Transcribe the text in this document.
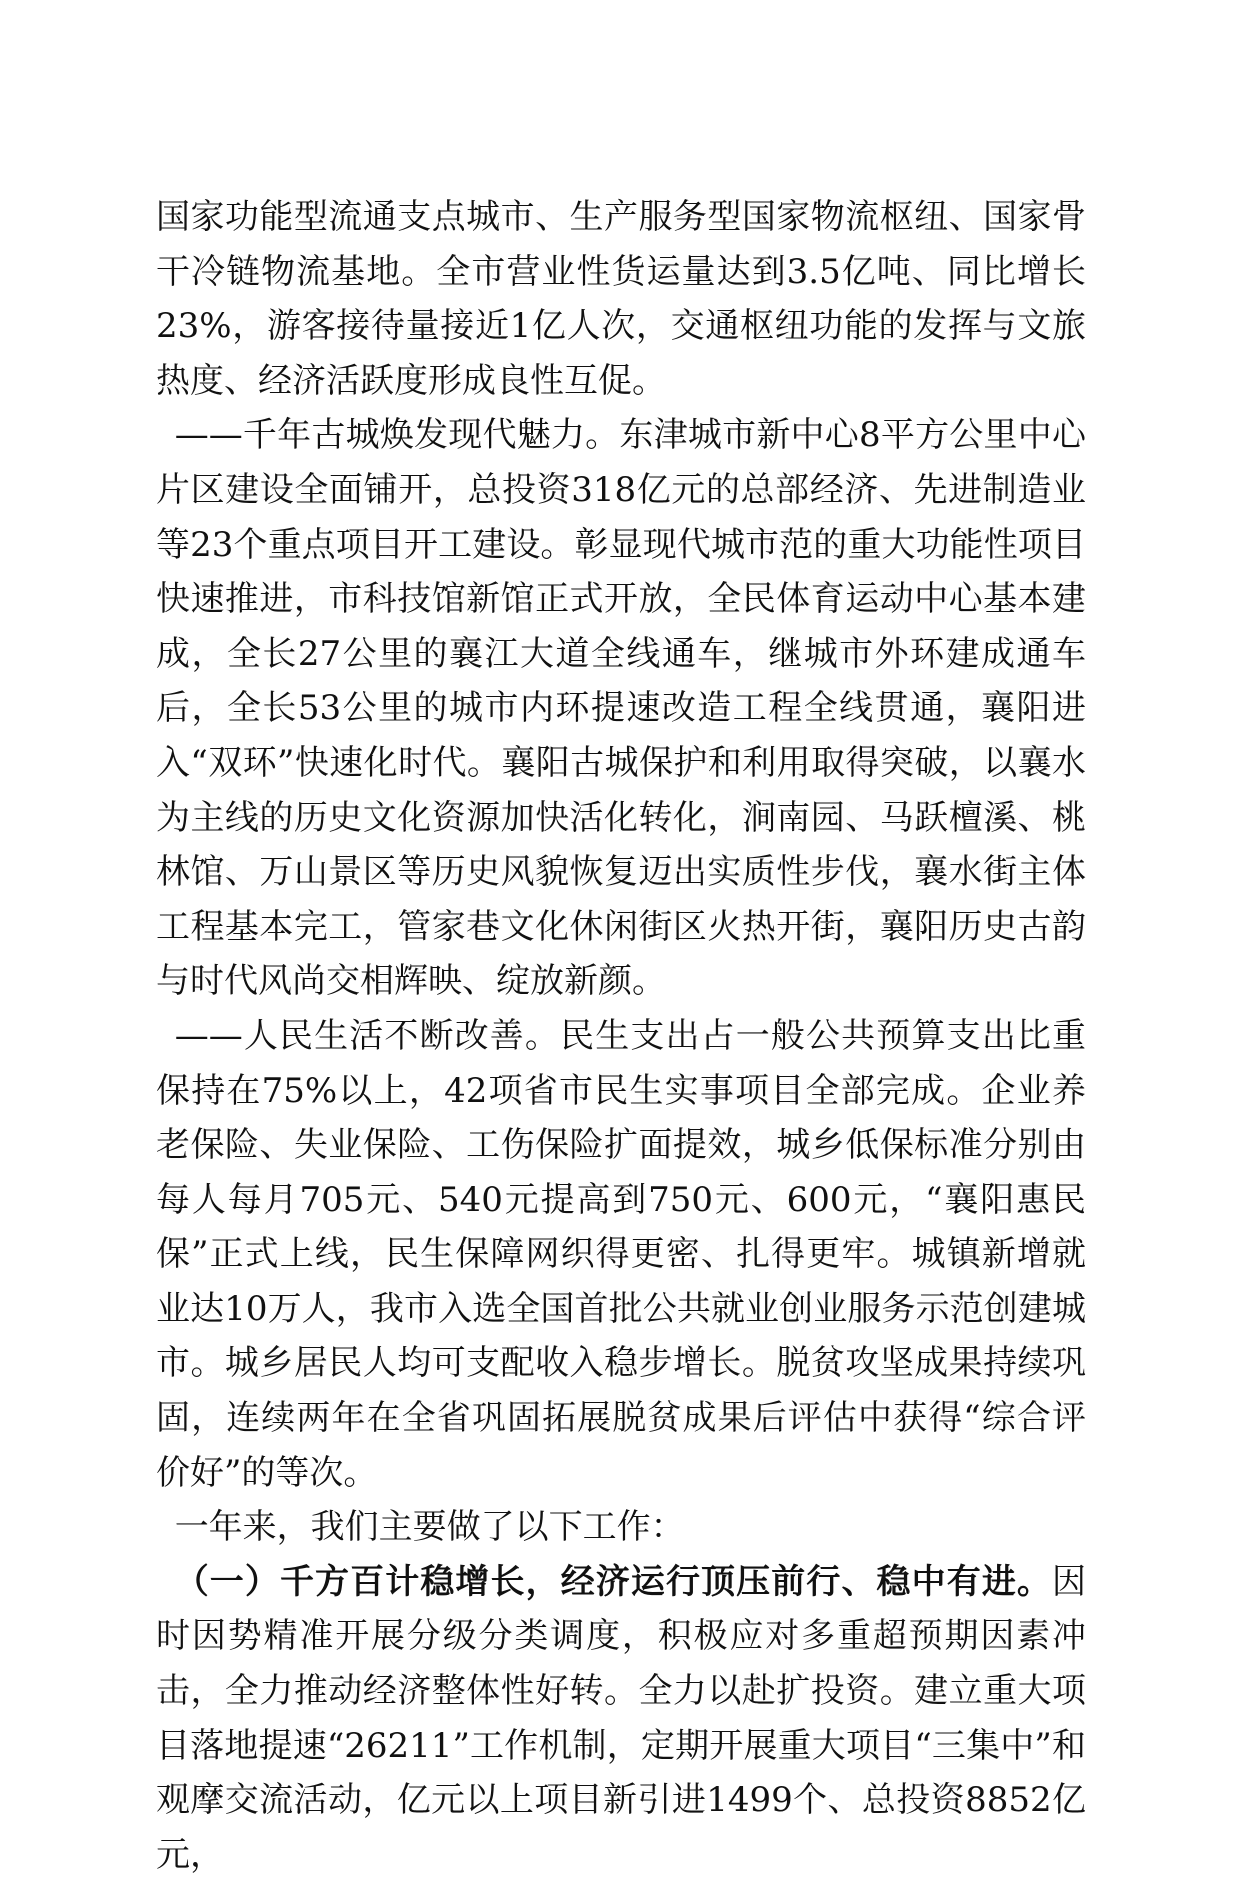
国家功能型流通支点城市、生产服务型国家物流枢纽、国家骨干冷链物流基地。全市营业性货运量达到3.5亿吨、同比增长23%，游客接待量接近1亿人次，交通枢纽功能的发挥与文旅热度、经济活跃度形成良性互促。

——千年古城焕发现代魅力。东津城市新中心8平方公里中心片区建设全面铺开，总投资318亿元的总部经济、先进制造业等23个重点项目开工建设。彰显现代城市范的重大功能性项目快速推进，市科技馆新馆正式开放，全民体育运动中心基本建成，全长27公里的襄江大道全线通车，继城市外环建成通车后，全长53公里的城市内环提速改造工程全线贯通，襄阳进入“双环”快速化时代。襄阳古城保护和利用取得突破，以襄水为主线的历史文化资源加快活化转化，涧南园、马跃檀溪、桃林馆、万山景区等历史风貌恢复迈出实质性步伐，襄水街主体工程基本完工，管家巷文化休闲街区火热开街，襄阳历史古韵与时代风尚交相辉映、绽放新颜。

——人民生活不断改善。民生支出占一般公共预算支出比重保持在75%以上，42项省市民生实事项目全部完成。企业养老保险、失业保险、工伤保险扩面提效，城乡低保标准分别由每人每月705元、540元提高到750元、600元，“襄阳惠民保”正式上线，民生保障网织得更密、扎得更牢。城镇新增就业达10万人，我市入选全国首批公共就业创业服务示范创建城市。城乡居民人均可支配收入稳步增长。脱贫攻坚成果持续巩固，连续两年在全省巩固拓展脱贫成果后评估中获得“综合评价好”的等次。

一年来，我们主要做了以下工作：

（一）千方百计稳增长，经济运行顶压前行、稳中有进。因时因势精准开展分级分类调度，积极应对多重超预期因素冲击，全力推动经济整体性好转。全力以赴扩投资。建立重大项目落地提速“26211”工作机制，定期开展重大项目“三集中”和观摩交流活动，亿元以上项目新引进1499个、总投资8852亿元，
